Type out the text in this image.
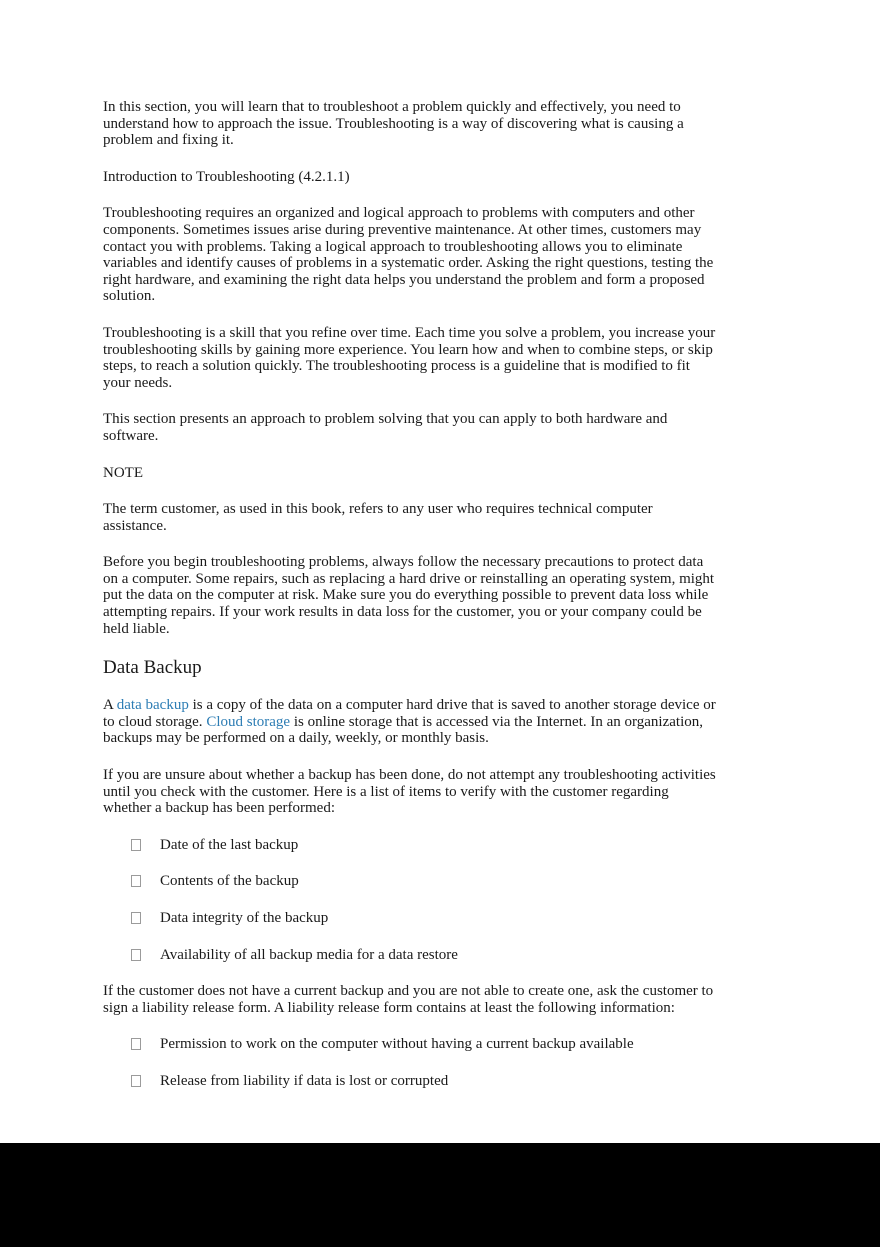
In this section, you will learn that to troubleshoot a problem quickly and effectively, you need to understand how to approach the issue. Troubleshooting is a way of discovering what is causing a problem and fixing it.

Introduction to Troubleshooting (4.2.1.1)

Troubleshooting requires an organized and logical approach to problems with computers and other components. Sometimes issues arise during preventive maintenance. At other times, customers may contact you with problems. Taking a logical approach to troubleshooting allows you to eliminate variables and identify causes of problems in a systematic order. Asking the right questions, testing the right hardware, and examining the right data helps you understand the problem and form a proposed solution.

Troubleshooting is a skill that you refine over time. Each time you solve a problem, you increase your troubleshooting skills by gaining more experience. You learn how and when to combine steps, or skip steps, to reach a solution quickly. The troubleshooting process is a guideline that is modified to fit your needs.

This section presents an approach to problem solving that you can apply to both hardware and software.

NOTE

The term customer, as used in this book, refers to any user who requires technical computer assistance.

Before you begin troubleshooting problems, always follow the necessary precautions to protect data on a computer. Some repairs, such as replacing a hard drive or reinstalling an operating system, might put the data on the computer at risk. Make sure you do everything possible to prevent data loss while attempting repairs. If your work results in data loss for the customer, you or your company could be held liable.

Data Backup

A data backup is a copy of the data on a computer hard drive that is saved to another storage device or to cloud storage. Cloud storage is online storage that is accessed via the Internet. In an organization, backups may be performed on a daily, weekly, or monthly basis.

If you are unsure about whether a backup has been done, do not attempt any troubleshooting activities until you check with the customer. Here is a list of items to verify with the customer regarding whether a backup has been performed:

Date of the last backup
Contents of the backup
Data integrity of the backup
Availability of all backup media for a data restore

If the customer does not have a current backup and you are not able to create one, ask the customer to sign a liability release form. A liability release form contains at least the following information:

Permission to work on the computer without having a current backup available
Release from liability if data is lost or corrupted
